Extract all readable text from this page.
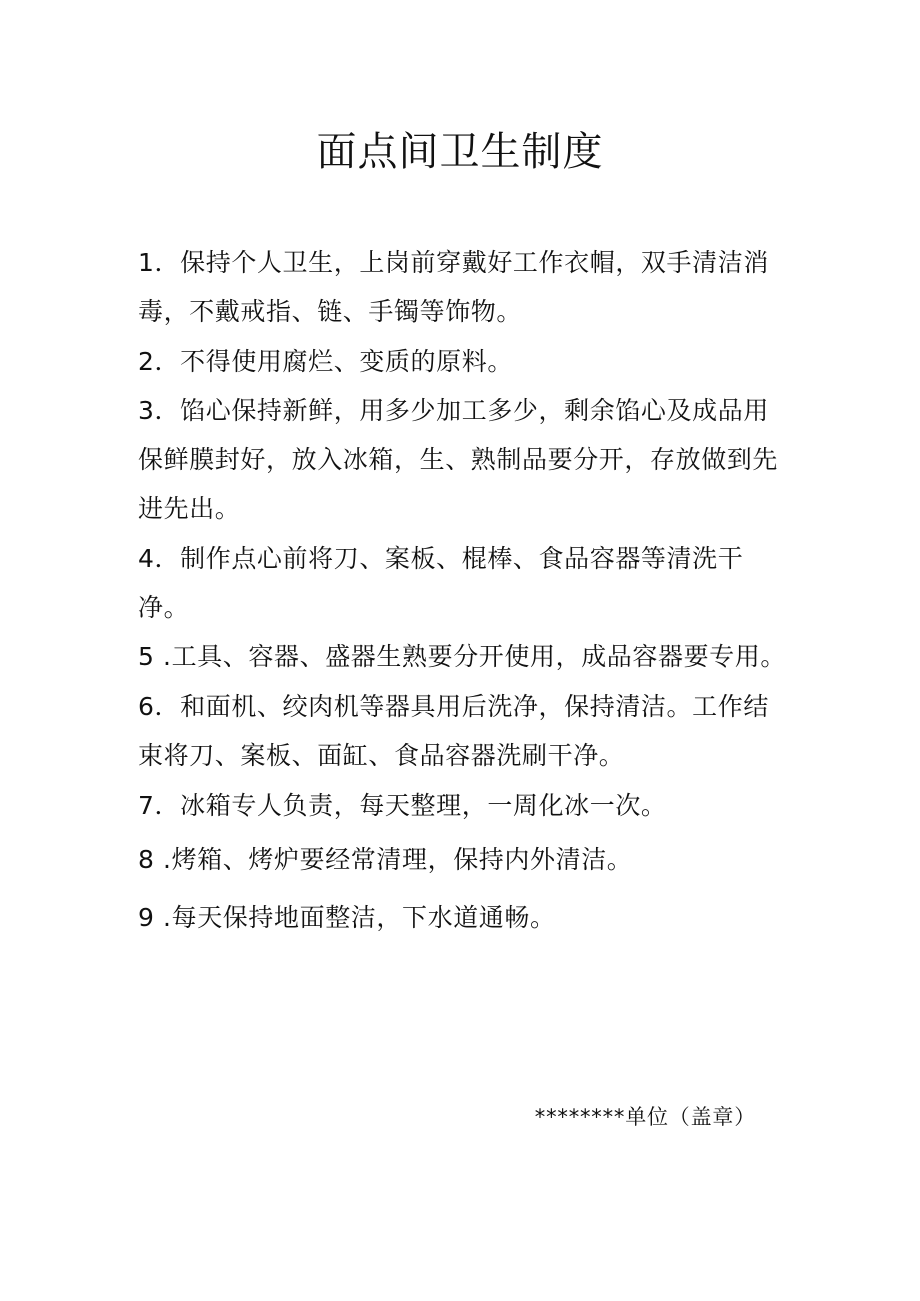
面点间卫生制度
1．保持个人卫生，上岗前穿戴好工作衣帽，双手清洁消毒，不戴戒指、链、手镯等饰物。
2．不得使用腐烂、变质的原料。
3．馅心保持新鲜，用多少加工多少，剩余馅心及成品用保鲜膜封好，放入冰箱，生、熟制品要分开，存放做到先进先出。
4．制作点心前将刀、案板、棍棒、食品容器等清洗干净。
5 .工具、容器、盛器生熟要分开使用，成品容器要专用。
6．和面机、绞肉机等器具用后洗净，保持清洁。工作结束将刀、案板、面缸、食品容器洗刷干净。
7．冰箱专人负责，每天整理，一周化冰一次。
8 .烤箱、烤炉要经常清理，保持内外清洁。
9 .每天保持地面整洁，下水道通畅。
********单位（盖章）
